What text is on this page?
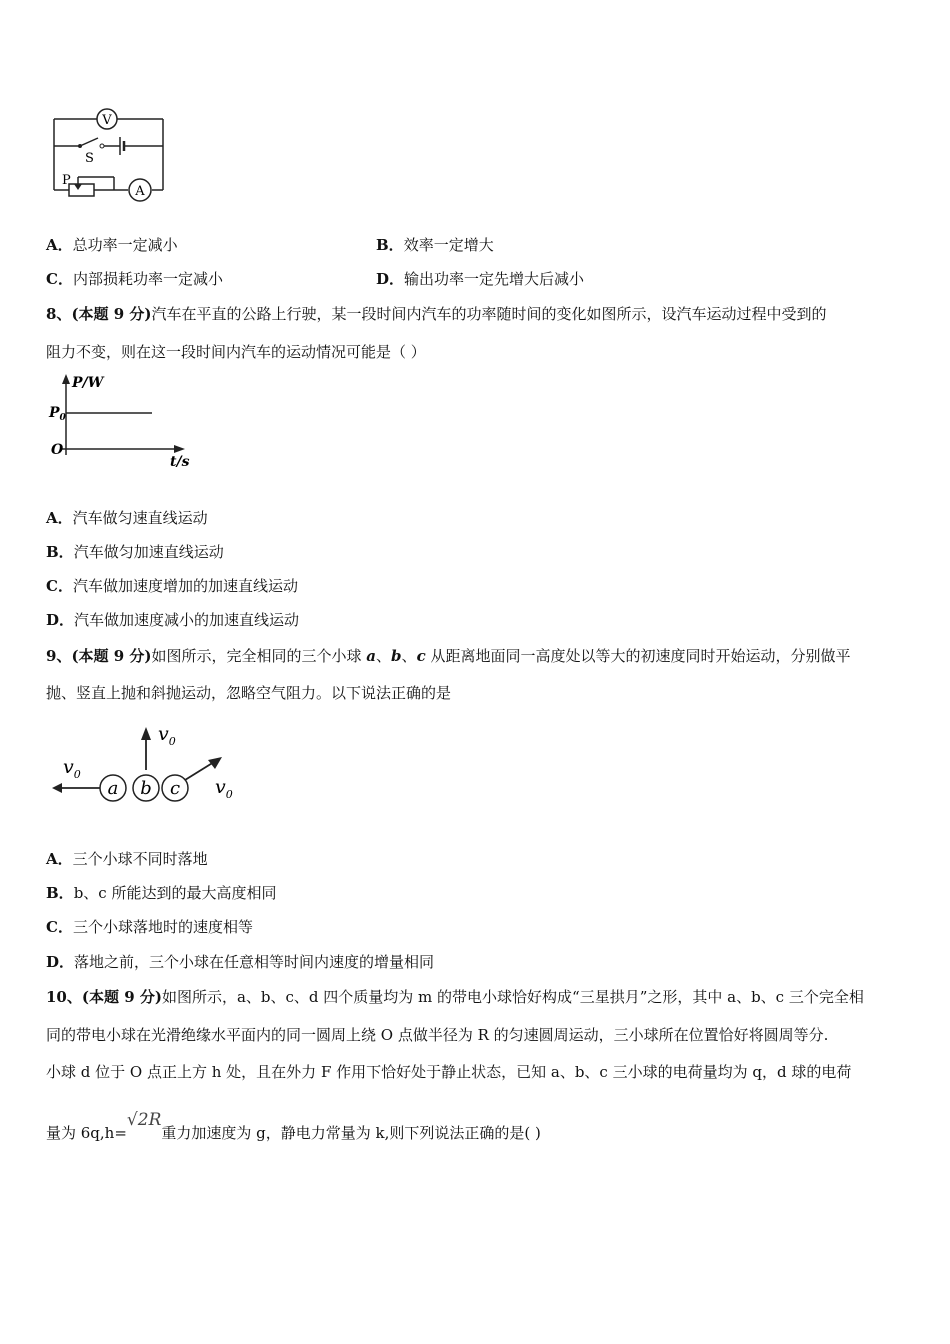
V
S
P
A
A．总功率一定减小	B．效率一定增大
C．内部损耗功率一定减小	D．输出功率一定先增大后减小
8、(本题 9 分)汽车在平直的公路上行驶，某一段时间内汽车的功率随时间的变化如图所示，设汽车运动过程中受到的
阻力不变，则在这一段时间内汽车的运动情况可能是（ ）
P/W
$P_0$
O
t/s
A．汽车做匀速直线运动
B．汽车做匀加速直线运动
C．汽车做加速度增加的加速直线运动
D．汽车做加速度减小的加速直线运动
9、(本题 9 分)如图所示，完全相同的三个小球 a、b、c 从距离地面同一高度处以等大的初速度同时开始运动，分别做平
抛、竖直上抛和斜抛运动，忽略空气阻力。以下说法正确的是
a b c
$v_0$
$v_0$
$v_0$
A．三个小球不同时落地
B．b、c 所能达到的最大高度相同
C．三个小球落地时的速度相等
D．落地之前，三个小球在任意相等时间内速度的增量相同
10、(本题 9 分)如图所示，a、b、c、d 四个质量均为 m 的带电小球恰好构成“三星拱月”之形，其中 a、b、c 三个完全相
同的带电小球在光滑绝缘水平面内的同一圆周上绕 O 点做半径为 R 的匀速圆周运动，三小球所在位置恰好将圆周等分.
小球 d 位于 O 点正上方 h 处，且在外力 F 作用下恰好处于静止状态，已知 a、b、c 三小球的电荷量均为 q，d 球的电荷
量为 6q,h=√2R重力加速度为 g，静电力常量为 k,则下列说法正确的是( )
